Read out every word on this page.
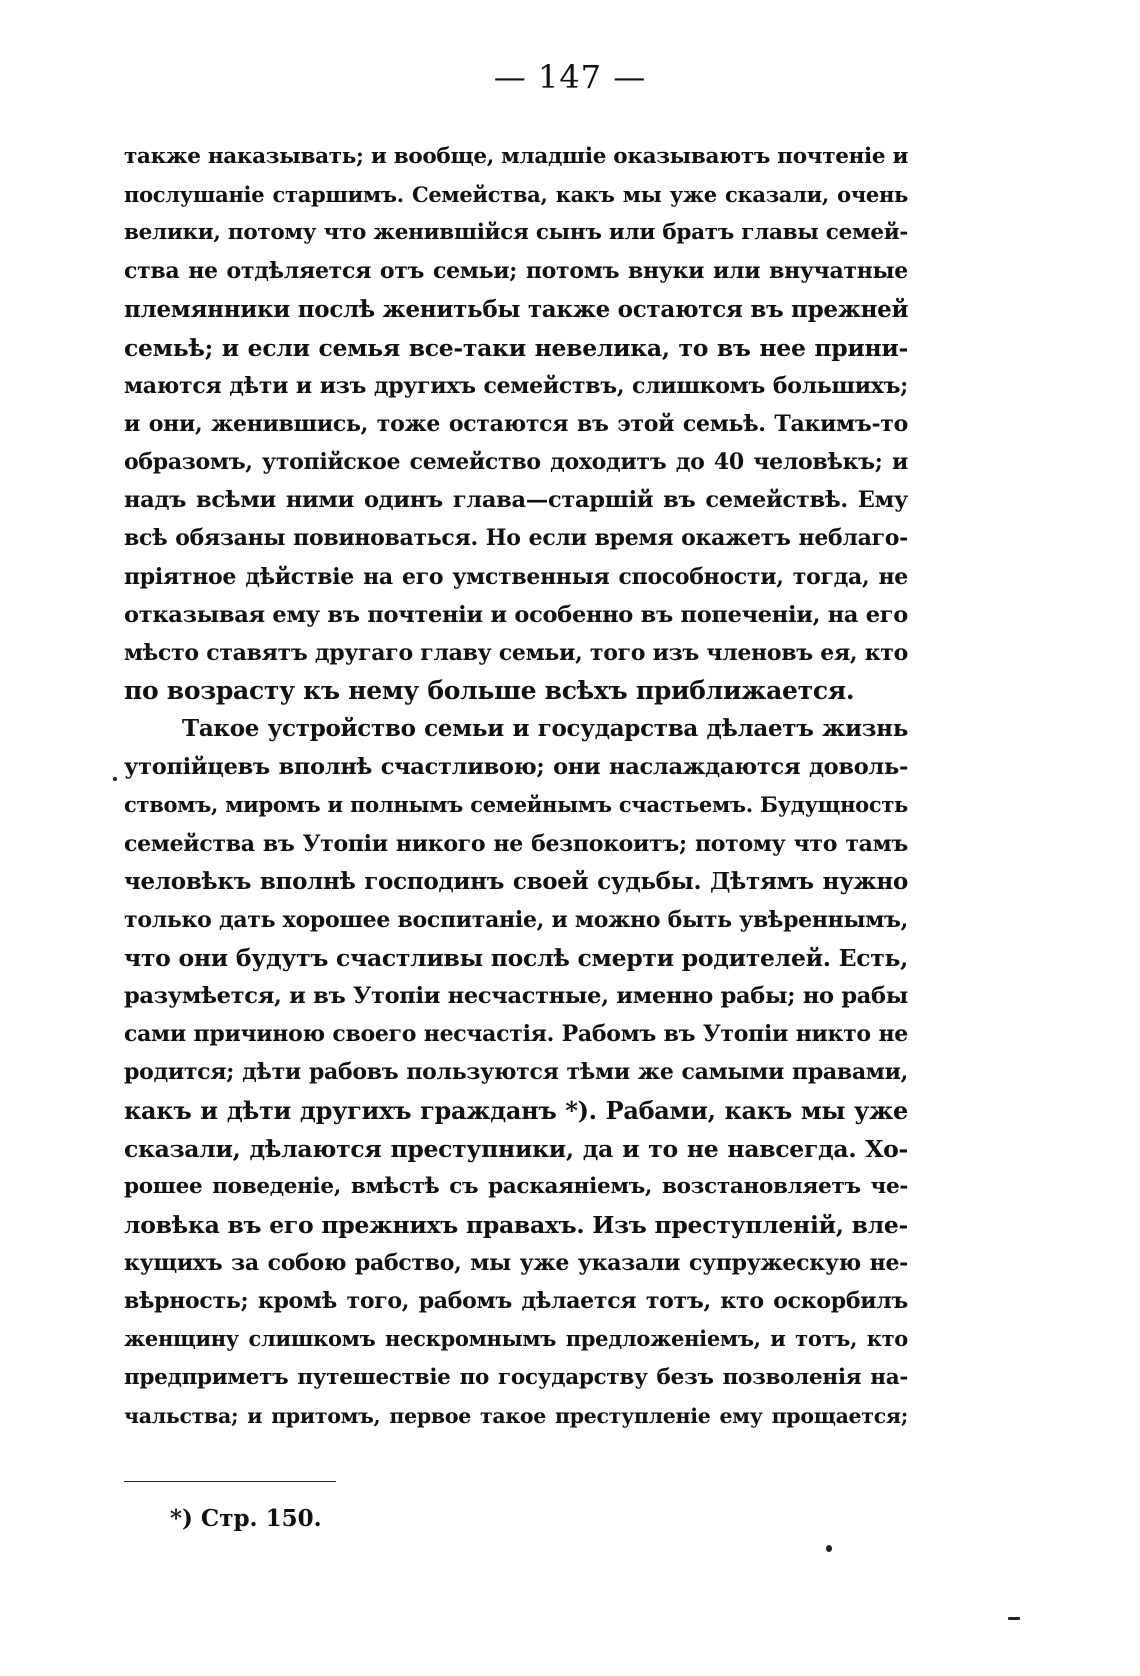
— 147 —
также наказывать; и вообще, младшіе оказываютъ почтеніе и
послушаніе старшимъ. Семейства, какъ мы уже сказали, очень
велики, потому что женившійся сынъ или братъ главы семей-
ства не отдѣляется отъ семьи; потомъ внуки или внучатные
племянники послѣ женитьбы также остаются въ прежней
семьѣ; и если семья все-таки невелика, то въ нее прини-
маются дѣти и изъ другихъ семействъ, слишкомъ большихъ;
и они, женившись, тоже остаются въ этой семьѣ. Такимъ-то
образомъ, утопійское семейство доходитъ до 40 человѣкъ; и
надъ всѣми ними одинъ глава—старшій въ семействѣ. Ему
всѣ обязаны повиноваться. Но если время окажетъ неблаго-
пріятное дѣйствіе на его умственныя способности, тогда, не
отказывая ему въ почтеніи и особенно въ попеченіи, на его
мѣсто ставятъ другаго главу семьи, того изъ членовъ ея, кто
по возрасту къ нему больше всѣхъ приближается.
Такое устройство семьи и государства дѣлаетъ жизнь
утопійцевъ вполнѣ счастливою; они наслаждаются доволь-
ствомъ, миромъ и полнымъ семейнымъ счастьемъ. Будущность
семейства въ Утопіи никого не безпокоитъ; потому что тамъ
человѣкъ вполнѣ господинъ своей судьбы. Дѣтямъ нужно
только дать хорошее воспитаніе, и можно быть увѣреннымъ,
что они будутъ счастливы послѣ смерти родителей. Есть,
разумѣется, и въ Утопіи несчастные, именно рабы; но рабы
сами причиною своего несчастія. Рабомъ въ Утопіи никто не
родится; дѣти рабовъ пользуются тѣми же самыми правами,
какъ и дѣти другихъ гражданъ *). Рабами, какъ мы уже
сказали, дѣлаются преступники, да и то не навсегда. Хо-
рошее поведеніе, вмѣстѣ съ раскаяніемъ, возстановляетъ че-
ловѣка въ его прежнихъ правахъ. Изъ преступленій, вле-
кущихъ за собою рабство, мы уже указали супружескую не-
вѣрность; кромѣ того, рабомъ дѣлается тотъ, кто оскорбилъ
женщину слишкомъ нескромнымъ предложеніемъ, и тотъ, кто
предприметъ путешествіе по государству безъ позволенія на-
чальства; и притомъ, первое такое преступленіе ему прощается;
*) Стр. 150.
